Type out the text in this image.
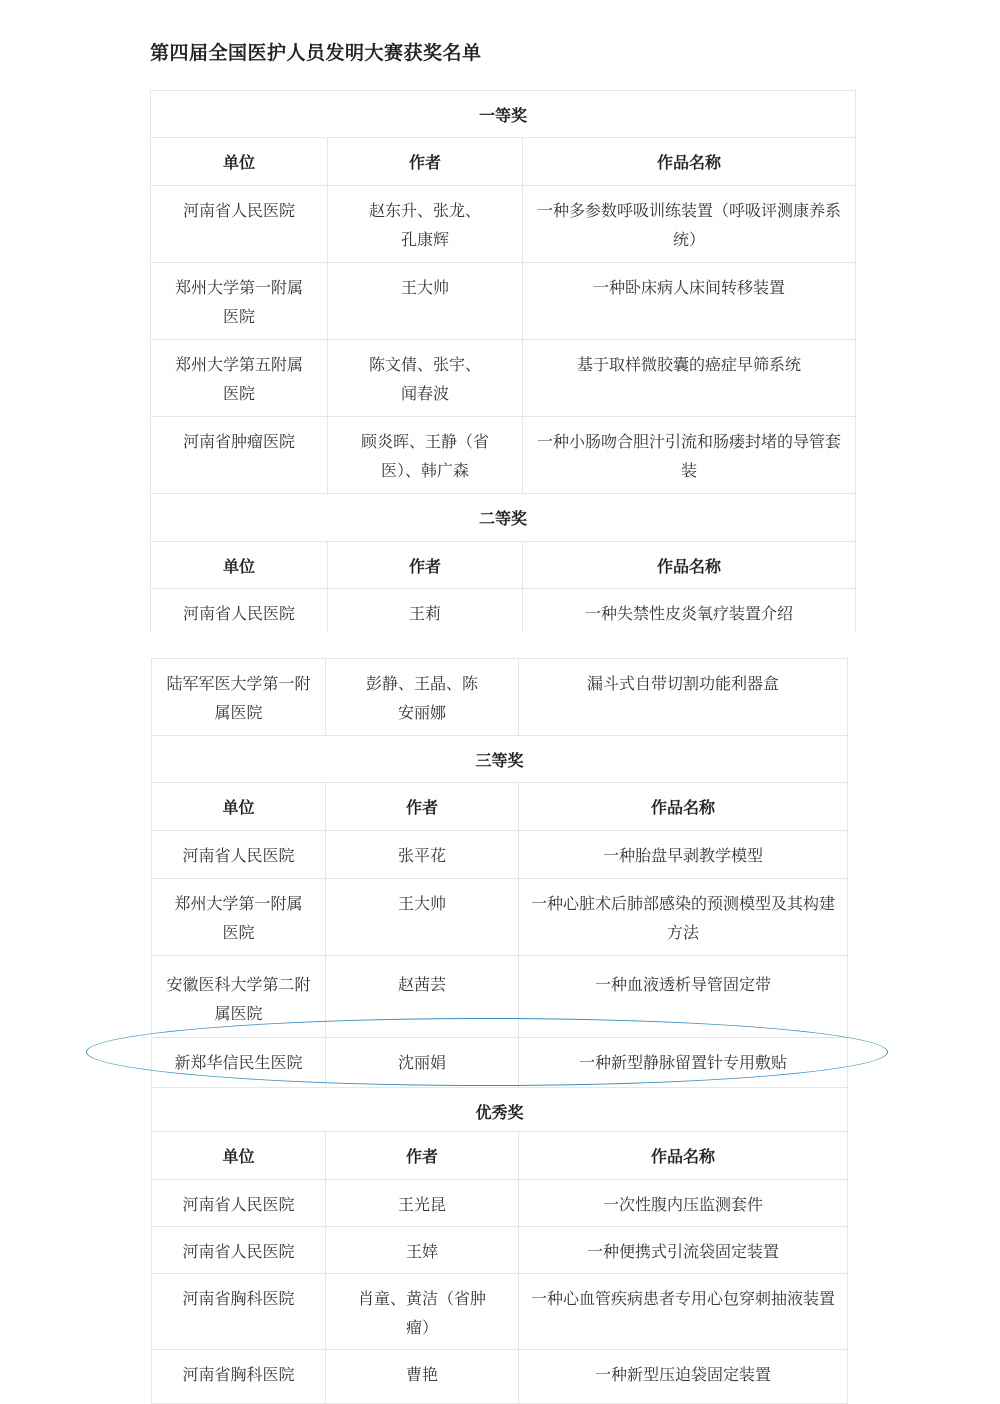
第四届全国医护人员发明大赛获奖名单
一等奖		
单位	作者	作品名称
河南省人民医院	赵东升、张龙、孔康辉	一种多参数呼吸训练装置（呼吸评测康养系统）
郑州大学第一附属医院	王大帅	一种卧床病人床间转移装置
郑州大学第五附属医院	陈文倩、张宇、闻春波	基于取样微胶囊的癌症早筛系统
河南省肿瘤医院	顾炎晖、王静（省医）、韩广森	一种小肠吻合胆汁引流和肠瘘封堵的导管套装
二等奖		
单位	作者	作品名称
河南省人民医院	王莉	一种失禁性皮炎氧疗装置介绍
陆军军医大学第一附属医院	彭静、王晶、陈安丽娜	漏斗式自带切割功能利器盒
三等奖		
单位	作者	作品名称
河南省人民医院	张平花	一种胎盘早剥教学模型
郑州大学第一附属医院	王大帅	一种心脏术后肺部感染的预测模型及其构建方法
安徽医科大学第二附属医院	赵茜芸	一种血液透析导管固定带
新郑华信民生医院	沈丽娟	一种新型静脉留置针专用敷贴
优秀奖		
单位	作者	作品名称
河南省人民医院	王光昆	一次性腹内压监测套件
河南省人民医院	王婞	一种便携式引流袋固定装置
河南省胸科医院	肖童、黄洁（省肿瘤）	一种心血管疾病患者专用心包穿刺抽液装置
河南省胸科医院	曹艳	一种新型压迫袋固定装置
